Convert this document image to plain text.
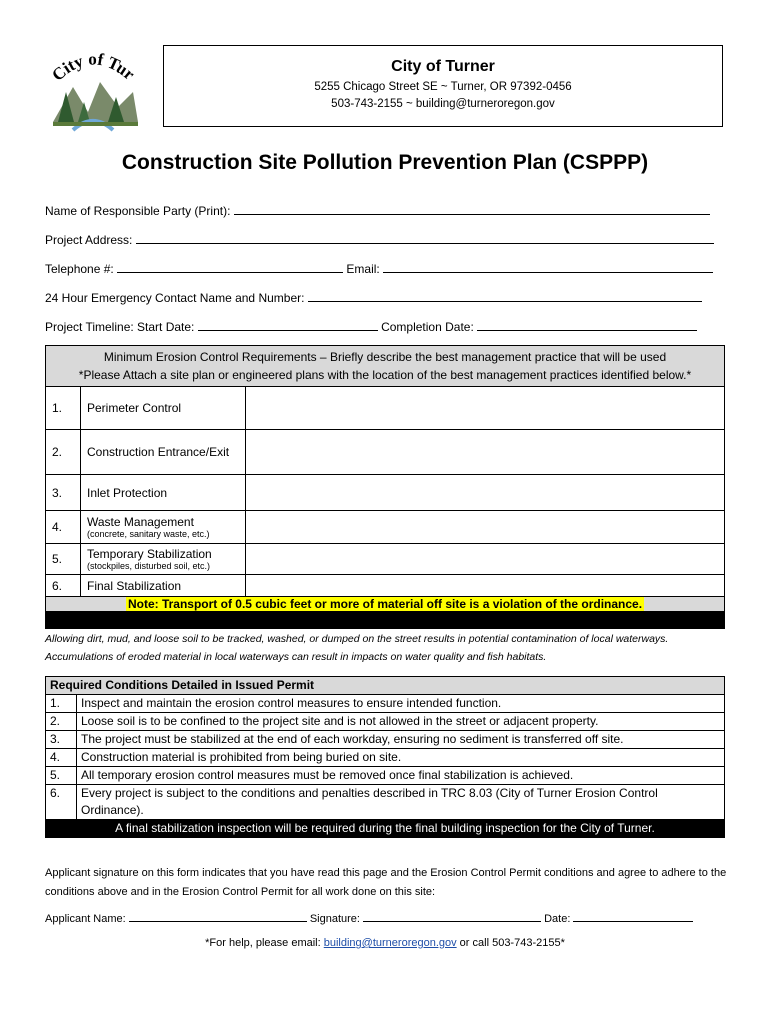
City of Tur	City of Turner
5255 Chicago Street SE ~ Turner, OR 97392-0456
503-743-2155 ~ building@turneroregon.gov
Construction Site Pollution Prevention Plan (CSPPP)
Name of Responsible Party (Print):
Project Address:
Telephone #:	Email:
24 Hour Emergency Contact Name and Number:
Project Timeline: Start Date:	Completion Date:
Minimum Erosion Control Requirements – Briefly describe the best management practice that will be used
*Please Attach a site plan or engineered plans with the location of the best management practices identified below.*		

1.	Perimeter Control	
2.	Construction Entrance/Exit	
3.	Inlet Protection	
4.	Waste Management
(concrete, sanitary waste, etc.)	

5.	Temporary Stabilization
(stockpiles, disturbed soil, etc.)	

6.	Final Stabilization	
Note: Transport of 0.5 cubic feet or more of material off site is a violation of the ordinance.		

Allowing dirt, mud, and loose soil to be tracked, washed, or dumped on the street results in potential contamination of local waterways. Accumulations of eroded material in local waterways can result in impacts on water quality and fish habitats.
Required Conditions Detailed in Issued Permit	
1.	Inspect and maintain the erosion control measures to ensure intended function.
2.	Loose soil is to be confined to the project site and is not allowed in the street or adjacent property.
3.	The project must be stabilized at the end of each workday, ensuring no sediment is transferred off site.
4.	Construction material is prohibited from being buried on site.
5.	All temporary erosion control measures must be removed once final stabilization is achieved.
6.	Every project is subject to the conditions and penalties described in TRC 8.03 (City of Turner Erosion Control Ordinance).
A final stabilization inspection will be required during the final building inspection for the City of Turner.	
Applicant signature on this form indicates that you have read this page and the Erosion Control Permit conditions and agree to adhere to the conditions above and in the Erosion Control Permit for all work done on this site:
Applicant Name:	Signature:	Date:
*For help, please email: building@turneroregon.gov or call 503-743-2155*
